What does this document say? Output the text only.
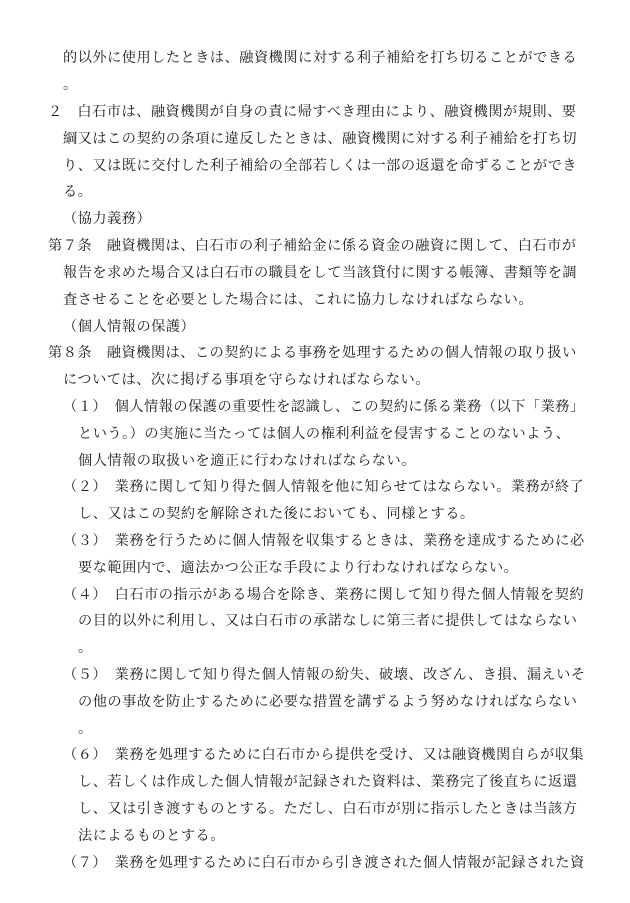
的以外に使用したときは、融資機関に対する利子補給を打ち切ることができる
。
２　白石市は、融資機関が自身の責に帰すべき理由により、融資機関が規則、要
綱又はこの契約の条項に違反したときは、融資機関に対する利子補給を打ち切
り、又は既に交付した利子補給の全部若しくは一部の返還を命ずることができ
る。
（協力義務）
第７条　融資機関は、白石市の利子補給金に係る資金の融資に関して、白石市が
報告を求めた場合又は白石市の職員をして当該貸付に関する帳簿、書類等を調
査させることを必要とした場合には、これに協力しなければならない。
（個人情報の保護）
第８条　融資機関は、この契約による事務を処理するための個人情報の取り扱い
については、次に掲げる事項を守らなければならない。
（１）　個人情報の保護の重要性を認識し、この契約に係る業務（以下「業務」
という。）の実施に当たっては個人の権利利益を侵害することのないよう、
個人情報の取扱いを適正に行わなければならない。
（２）　業務に関して知り得た個人情報を他に知らせてはならない。業務が終了
し、又はこの契約を解除された後においても、同様とする。
（３）　業務を行うために個人情報を収集するときは、業務を達成するために必
要な範囲内で、適法かつ公正な手段により行わなければならない。
（４）　白石市の指示がある場合を除き、業務に関して知り得た個人情報を契約
の目的以外に利用し、又は白石市の承諾なしに第三者に提供してはならない
。
（５）　業務に関して知り得た個人情報の紛失、破壊、改ざん、き損、漏えいそ
の他の事故を防止するために必要な措置を講ずるよう努めなければならない
。
（６）　業務を処理するために白石市から提供を受け、又は融資機関自らが収集
し、若しくは作成した個人情報が記録された資料は、業務完了後直ちに返還
し、又は引き渡すものとする。ただし、白石市が別に指示したときは当該方
法によるものとする。
（７）　業務を処理するために白石市から引き渡された個人情報が記録された資
